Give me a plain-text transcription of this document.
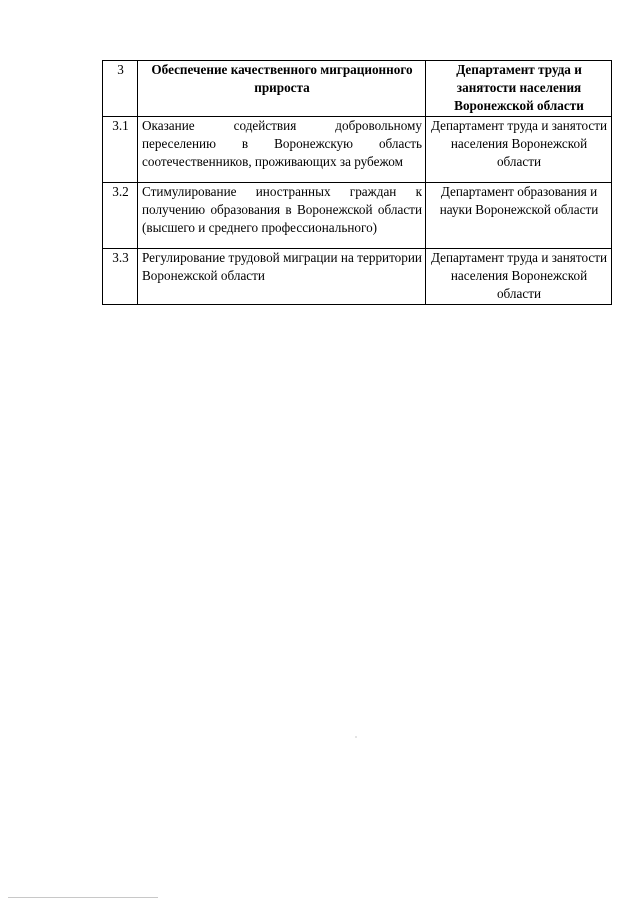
3	Обеспечение качественного миграционного прироста	Департамент труда и занятости населения Воронежской области
3.1	Оказание содействия добровольному переселению в Воронежскую область соотечественников, проживающих за рубежом	Департамент труда и занятости населения Воронежской области
3.2	Стимулирование иностранных граждан к получению образования в Воронежской области (высшего и среднего профессионального)	Департамент образования и науки Воронежской области
3.3	Регулирование трудовой миграции на территории Воронежской области	Департамент труда и занятости населения Воронежской области
